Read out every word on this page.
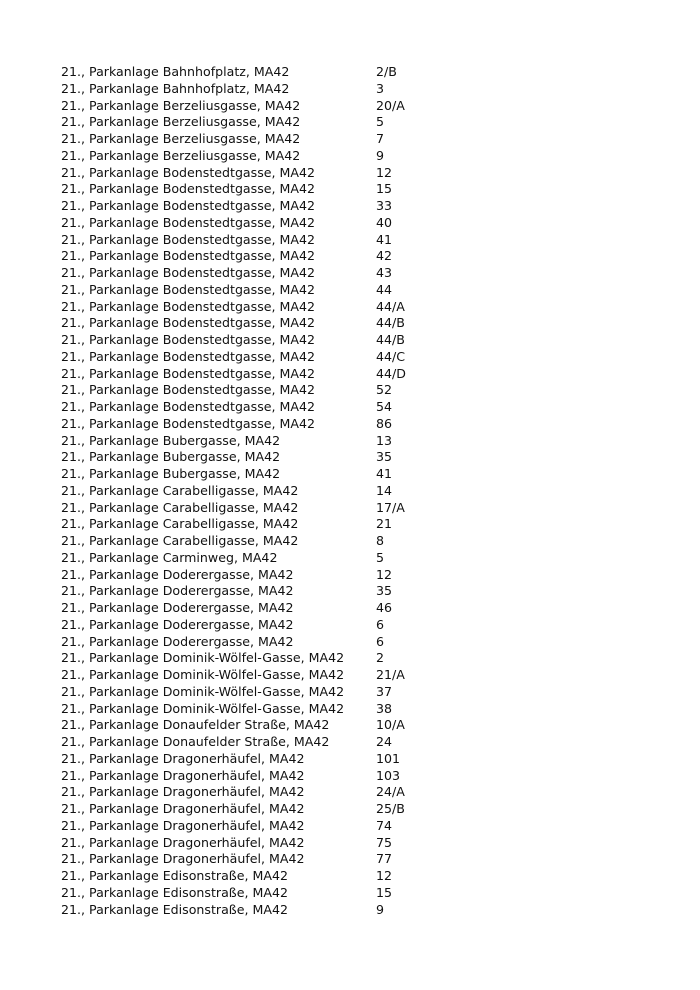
21., Parkanlage Bahnhofplatz, MA42	2/B
21., Parkanlage Bahnhofplatz, MA42	3
21., Parkanlage Berzeliusgasse, MA42	20/A
21., Parkanlage Berzeliusgasse, MA42	5
21., Parkanlage Berzeliusgasse, MA42	7
21., Parkanlage Berzeliusgasse, MA42	9
21., Parkanlage Bodenstedtgasse, MA42	12
21., Parkanlage Bodenstedtgasse, MA42	15
21., Parkanlage Bodenstedtgasse, MA42	33
21., Parkanlage Bodenstedtgasse, MA42	40
21., Parkanlage Bodenstedtgasse, MA42	41
21., Parkanlage Bodenstedtgasse, MA42	42
21., Parkanlage Bodenstedtgasse, MA42	43
21., Parkanlage Bodenstedtgasse, MA42	44
21., Parkanlage Bodenstedtgasse, MA42	44/A
21., Parkanlage Bodenstedtgasse, MA42	44/B
21., Parkanlage Bodenstedtgasse, MA42	44/B
21., Parkanlage Bodenstedtgasse, MA42	44/C
21., Parkanlage Bodenstedtgasse, MA42	44/D
21., Parkanlage Bodenstedtgasse, MA42	52
21., Parkanlage Bodenstedtgasse, MA42	54
21., Parkanlage Bodenstedtgasse, MA42	86
21., Parkanlage Bubergasse, MA42	13
21., Parkanlage Bubergasse, MA42	35
21., Parkanlage Bubergasse, MA42	41
21., Parkanlage Carabelligasse, MA42	14
21., Parkanlage Carabelligasse, MA42	17/A
21., Parkanlage Carabelligasse, MA42	21
21., Parkanlage Carabelligasse, MA42	8
21., Parkanlage Carminweg, MA42	5
21., Parkanlage Doderergasse, MA42	12
21., Parkanlage Doderergasse, MA42	35
21., Parkanlage Doderergasse, MA42	46
21., Parkanlage Doderergasse, MA42	6
21., Parkanlage Doderergasse, MA42	6
21., Parkanlage Dominik-Wölfel-Gasse, MA42	2
21., Parkanlage Dominik-Wölfel-Gasse, MA42	21/A
21., Parkanlage Dominik-Wölfel-Gasse, MA42	37
21., Parkanlage Dominik-Wölfel-Gasse, MA42	38
21., Parkanlage Donaufelder Straße, MA42	10/A
21., Parkanlage Donaufelder Straße, MA42	24
21., Parkanlage Dragonerhäufel, MA42	101
21., Parkanlage Dragonerhäufel, MA42	103
21., Parkanlage Dragonerhäufel, MA42	24/A
21., Parkanlage Dragonerhäufel, MA42	25/B
21., Parkanlage Dragonerhäufel, MA42	74
21., Parkanlage Dragonerhäufel, MA42	75
21., Parkanlage Dragonerhäufel, MA42	77
21., Parkanlage Edisonstraße, MA42	12
21., Parkanlage Edisonstraße, MA42	15
21., Parkanlage Edisonstraße, MA42	9
